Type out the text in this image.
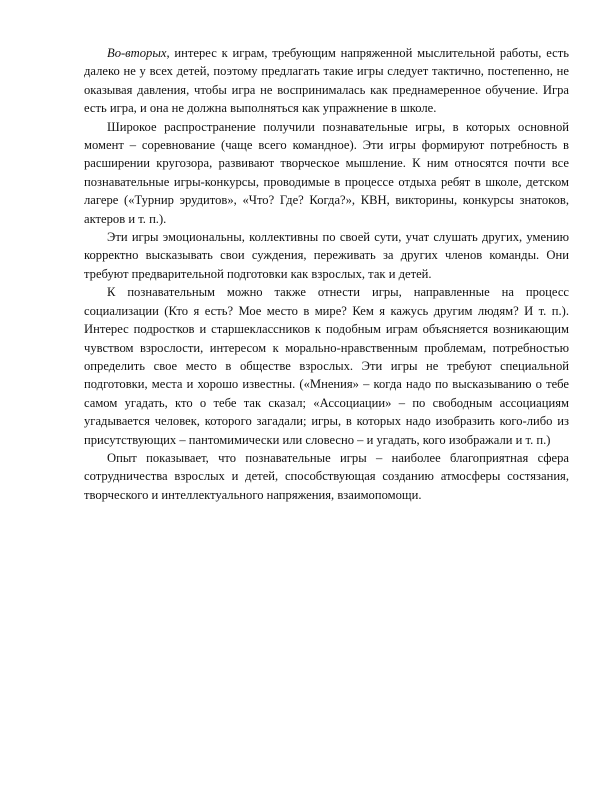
Во-вторых, интерес к играм, требующим напряженной мыслительной работы, есть далеко не у всех детей, поэтому предлагать такие игры следует тактично, постепенно, не оказывая давления, чтобы игра не воспринималась как преднамеренное обучение. Игра есть игра, и она не должна выполняться как упражнение в школе.

Широкое распространение получили познавательные игры, в которых основной момент – соревнование (чаще всего командное). Эти игры формируют потребность в расширении кругозора, развивают творческое мышление. К ним относятся почти все познавательные игры-конкурсы, проводимые в процессе отдыха ребят в школе, детском лагере («Турнир эрудитов», «Что? Где? Когда?», КВН, викторины, конкурсы знатоков, актеров и т. п.).

Эти игры эмоциональны, коллективны по своей сути, учат слушать других, умению корректно высказывать свои суждения, переживать за других членов команды. Они требуют предварительной подготовки как взрослых, так и детей.

К познавательным можно также отнести игры, направленные на процесс социализации (Кто я есть? Мое место в мире? Кем я кажусь другим людям? И т. п.). Интерес подростков и старшеклассников к подобным играм объясняется возникающим чувством взрослости, интересом к морально-нравственным проблемам, потребностью определить свое место в обществе взрослых. Эти игры не требуют специальной подготовки, места и хорошо известны. («Мнения» – когда надо по высказыванию о тебе самом угадать, кто о тебе так сказал; «Ассоциации» – по свободным ассоциациям угадывается человек, которого загадали; игры, в которых надо изобразить кого-либо из присутствующих – пантомимически или словесно – и угадать, кого изображали и т. п.)

Опыт показывает, что познавательные игры – наиболее благоприятная сфера сотрудничества взрослых и детей, способствующая созданию атмосферы состязания, творческого и интеллектуального напряжения, взаимопомощи.
